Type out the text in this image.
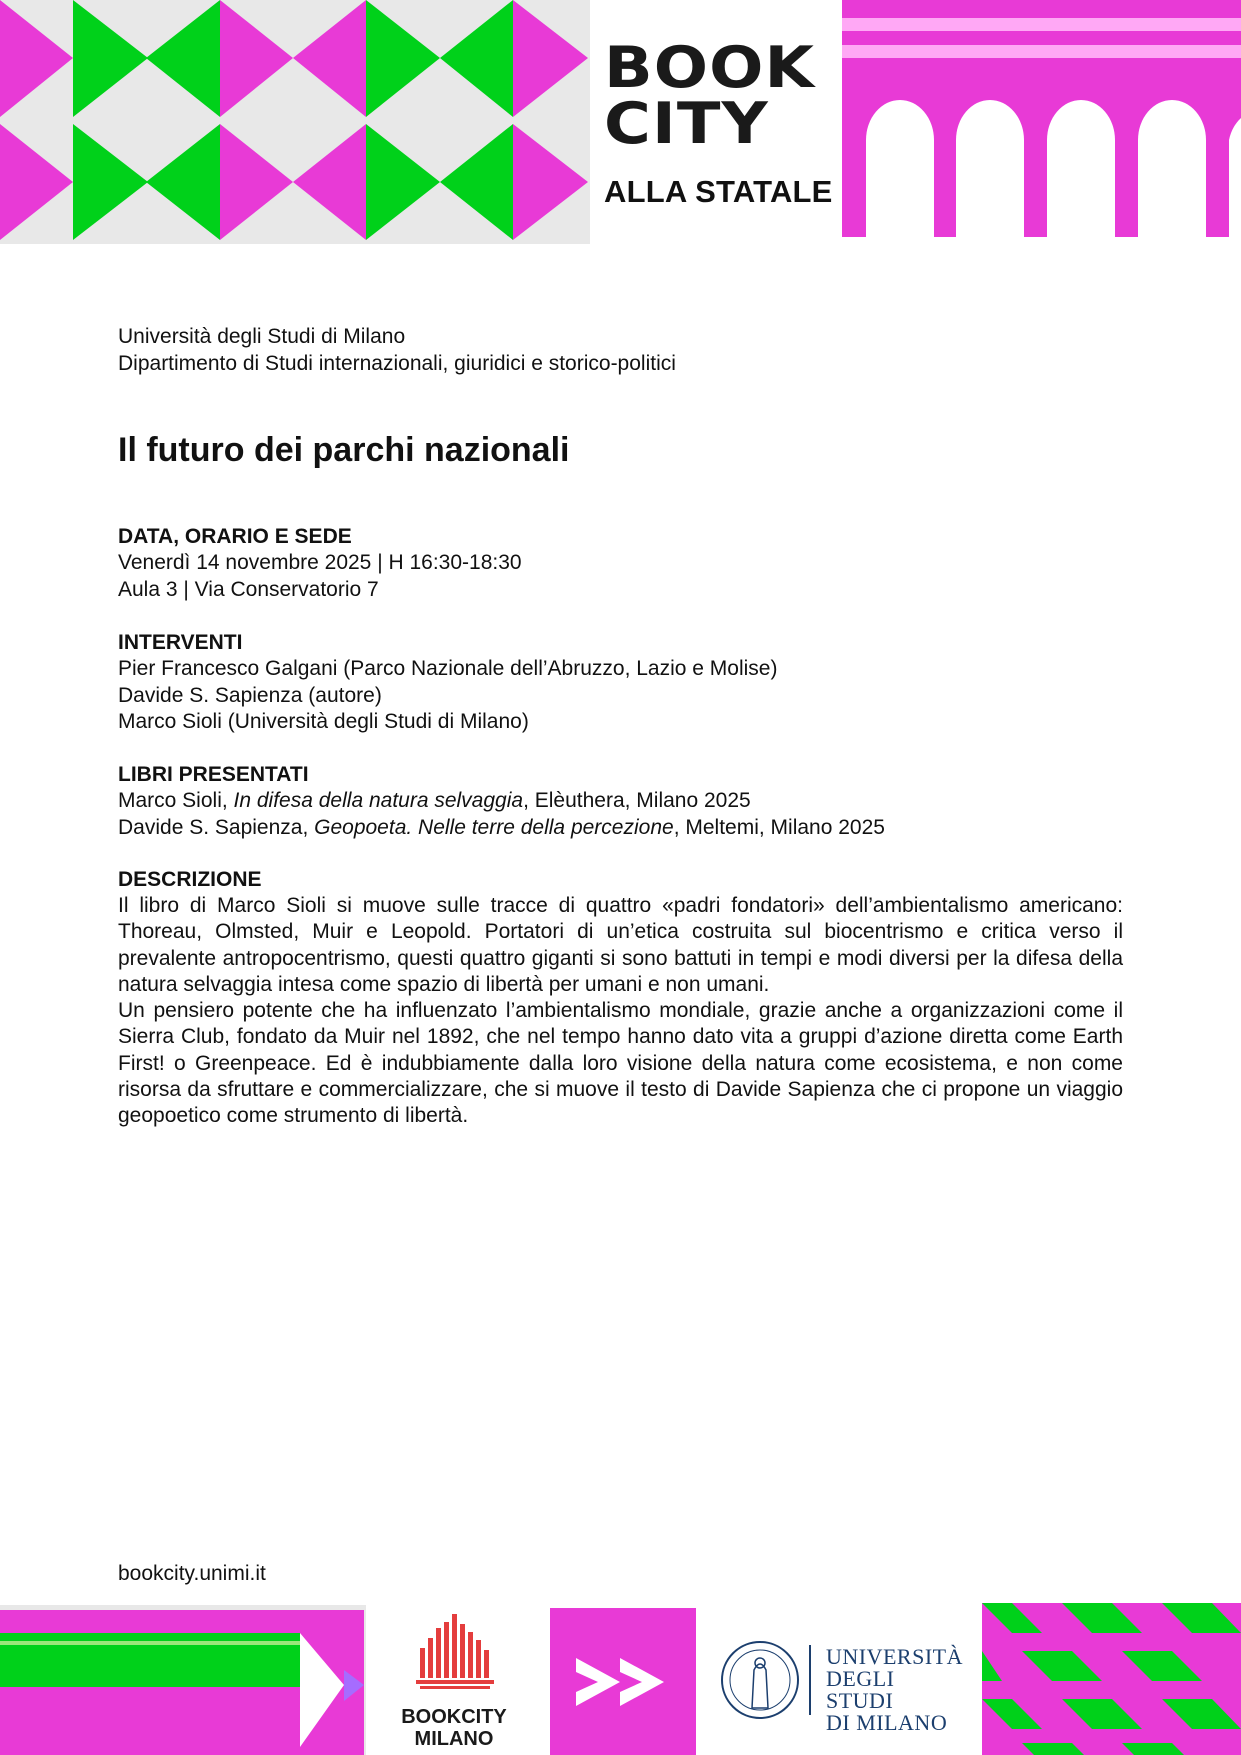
BOOK
CITY
ALLA STATALE
Università degli Studi di Milano
Dipartimento di Studi internazionali, giuridici e storico-politici
Il futuro dei parchi nazionali
DATA, ORARIO E SEDE
Venerdì 14 novembre 2025 | H 16:30-18:30
Aula 3 | Via Conservatorio 7
INTERVENTI
Pier Francesco Galgani (Parco Nazionale dell’Abruzzo, Lazio e Molise)
Davide S. Sapienza (autore)
Marco Sioli (Università degli Studi di Milano)
LIBRI PRESENTATI
Marco Sioli, In difesa della natura selvaggia, Elèuthera, Milano 2025
Davide S. Sapienza, Geopoeta. Nelle terre della percezione, Meltemi, Milano 2025
DESCRIZIONE
Il libro di Marco Sioli si muove sulle tracce di quattro «padri fondatori» dell’ambientalismo americano: Thoreau, Olmsted, Muir e Leopold. Portatori di un’etica costruita sul biocentrismo e critica verso il prevalente antropocentrismo, questi quattro giganti si sono battuti in tempi e modi diversi per la difesa della natura selvaggia intesa come spazio di libertà per umani e non umani.
Un pensiero potente che ha influenzato l’ambientalismo mondiale, grazie anche a organizzazioni come il Sierra Club, fondato da Muir nel 1892, che nel tempo hanno dato vita a gruppi d’azione diretta come Earth First! o Greenpeace. Ed è indubbiamente dalla loro visione della natura come ecosistema, e non come risorsa da sfruttare e commercializzare, che si muove il testo di Davide Sapienza che ci propone un viaggio geopoetico come strumento di libertà.
bookcity.unimi.it
BOOKCITY
MILANO
UNIVERSITÀ
DEGLI STUDI
DI MILANO
